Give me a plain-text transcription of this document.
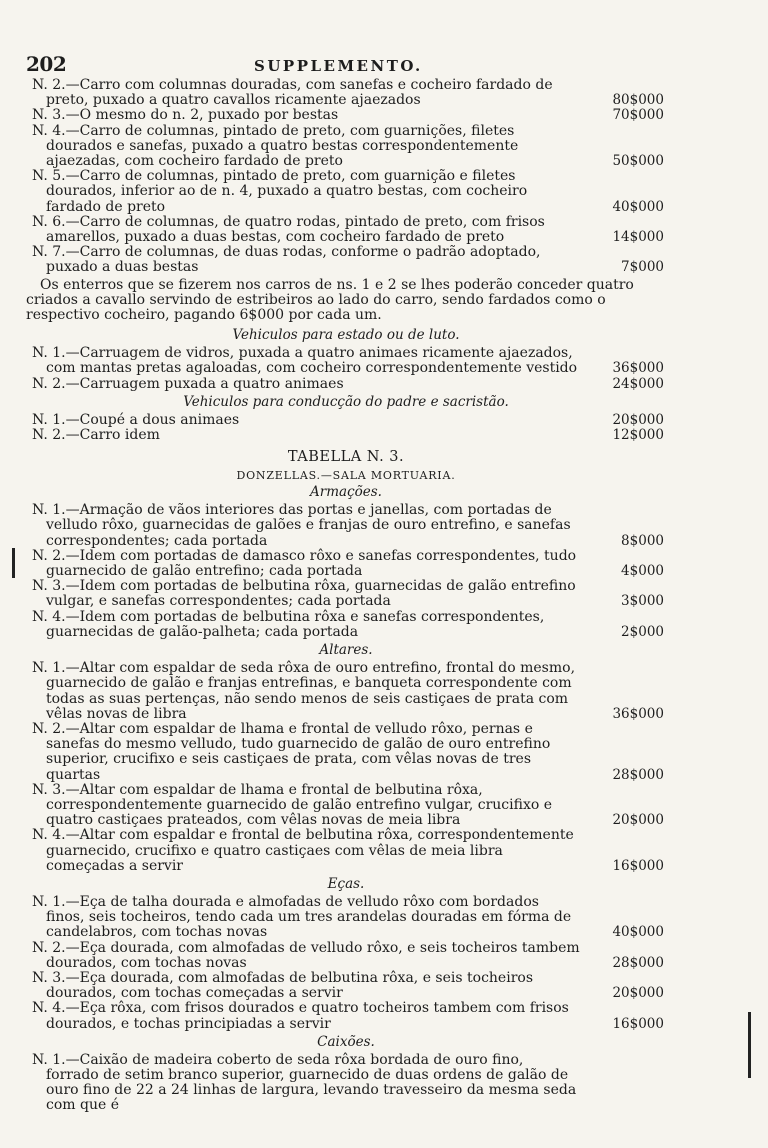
202	SUPPLEMENTO.
N. 2.—Carro com columnas douradas, com sanefas e cocheiro fardado de preto, puxado a quatro cavallos ricamente ajaezados	80$000
N. 3.—O mesmo do n. 2, puxado por bestas	70$000
N. 4.—Carro de columnas, pintado de preto, com guarnições, filetes dourados e sanefas, puxado a quatro bestas correspondentemente ajaezadas, com cocheiro fardado de preto	50$000
N. 5.—Carro de columnas, pintado de preto, com guarnição e filetes dourados, inferior ao de n. 4, puxado a quatro bestas, com cocheiro fardado de preto	40$000
N. 6.—Carro de columnas, de quatro rodas, pintado de preto, com frisos amarellos, puxado a duas bestas, com cocheiro fardado de preto	14$000
N. 7.—Carro de columnas, de duas rodas, conforme o padrão adoptado, puxado a duas bestas	7$000

Os enterros que se fizerem nos carros de ns. 1 e 2 se lhes poderão conceder quatro criados a cavallo servindo de estribeiros ao lado do carro, sendo fardados como o respectivo cocheiro, pagando 6$000 por cada um.

Vehiculos para estado ou de luto.
N. 1.—Carruagem de vidros, puxada a quatro animaes ricamente ajaezados, com mantas pretas agaloadas, com cocheiro correspondentemente vestido	36$000
N. 2.—Carruagem puxada a quatro animaes	24$000
Vehiculos para conducção do padre e sacristão.
N. 1.—Coupé a dous animaes	20$000
N. 2.—Carro idem	12$000
TABELLA N. 3.
DONZELLAS.—SALA MORTUARIA.
Armações.
N. 1.—Armação de vãos interiores das portas e janellas, com portadas de velludo rôxo, guarnecidas de galões e franjas de ouro entrefino, e sanefas correspondentes; cada portada	8$000
N. 2.—Idem com portadas de damasco rôxo e sanefas correspondentes, tudo guarnecido de galão entrefino; cada portada	4$000
N. 3.—Idem com portadas de belbutina rôxa, guarnecidas de galão entrefino vulgar, e sanefas correspondentes; cada portada	3$000
N. 4.—Idem com portadas de belbutina rôxa e sanefas correspondentes, guarnecidas de galão-palheta; cada portada	2$000
Altares.
N. 1.—Altar com espaldar de seda rôxa de ouro entrefino, frontal do mesmo, guarnecido de galão e franjas entrefinas, e banqueta correspondente com todas as suas pertenças, não sendo menos de seis castiçaes de prata com vêlas novas de libra	36$000
N. 2.—Altar com espaldar de lhama e frontal de velludo rôxo, pernas e sanefas do mesmo velludo, tudo guarnecido de galão de ouro entrefino superior, crucifixo e seis castiçaes de prata, com vêlas novas de tres quartas	28$000
N. 3.—Altar com espaldar de lhama e frontal de belbutina rôxa, correspondentemente guarnecido de galão entrefino vulgar, crucifixo e quatro castiçaes prateados, com vêlas novas de meia libra	20$000
N. 4.—Altar com espaldar e frontal de belbutina rôxa, correspondentemente guarnecido, crucifixo e quatro castiçaes com vêlas de meia libra começadas a servir	16$000
Eças.
N. 1.—Eça de talha dourada e almofadas de velludo rôxo com bordados finos, seis tocheiros, tendo cada um tres arandelas douradas em fórma de candelabros, com tochas novas	40$000
N. 2.—Eça dourada, com almofadas de velludo rôxo, e seis tocheiros tambem dourados, com tochas novas	28$000
N. 3.—Eça dourada, com almofadas de belbutina rôxa, e seis tocheiros dourados, com tochas começadas a servir	20$000
N. 4.—Eça rôxa, com frisos dourados e quatro tocheiros tambem com frisos dourados, e tochas principiadas a servir	16$000
Caixões.
N. 1.—Caixão de madeira coberto de seda rôxa bordada de ouro fino, forrado de setim branco superior, guarnecido de duas ordens de galão de ouro fino de 22 a 24 linhas de largura, levando travesseiro da mesma seda com que é
